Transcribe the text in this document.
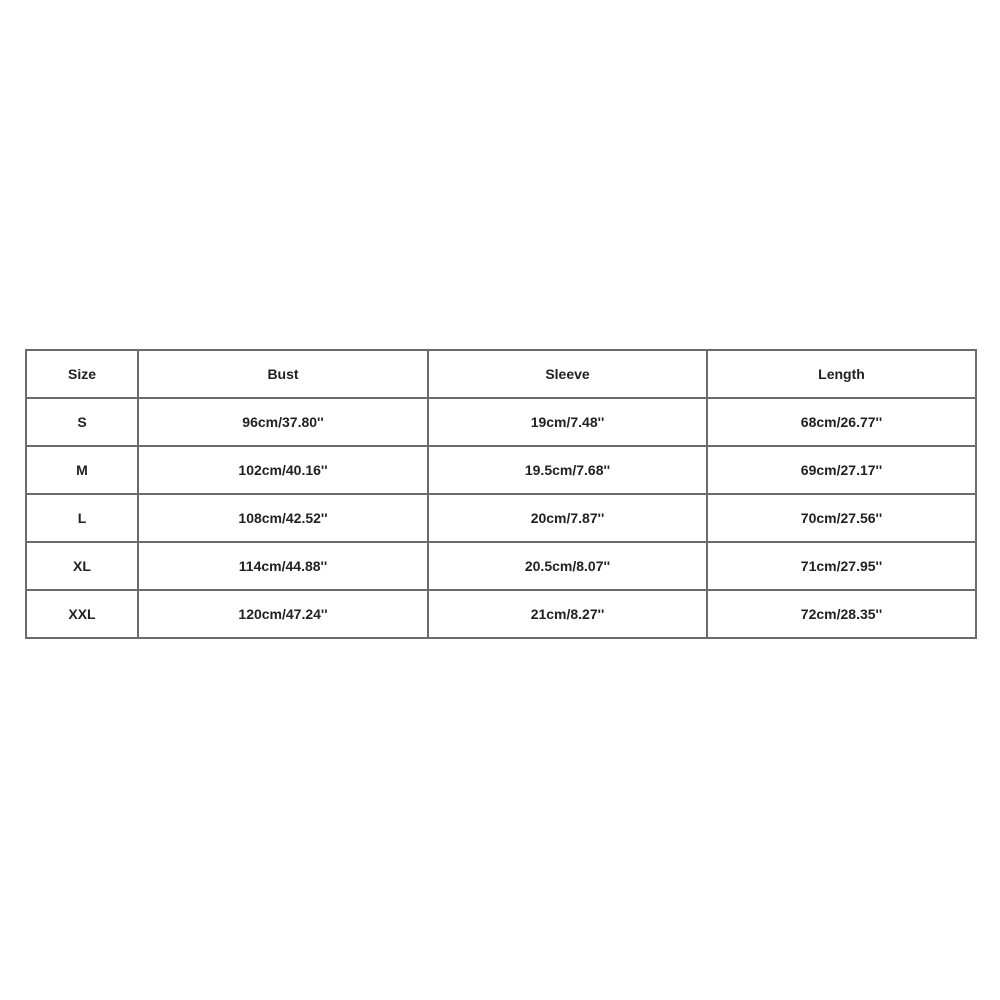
Size	Bust	Sleeve	Length
S	96cm/37.80''	19cm/7.48''	68cm/26.77''
M	102cm/40.16''	19.5cm/7.68''	69cm/27.17''
L	108cm/42.52''	20cm/7.87''	70cm/27.56''
XL	114cm/44.88''	20.5cm/8.07''	71cm/27.95''
XXL	120cm/47.24''	21cm/8.27''	72cm/28.35''
